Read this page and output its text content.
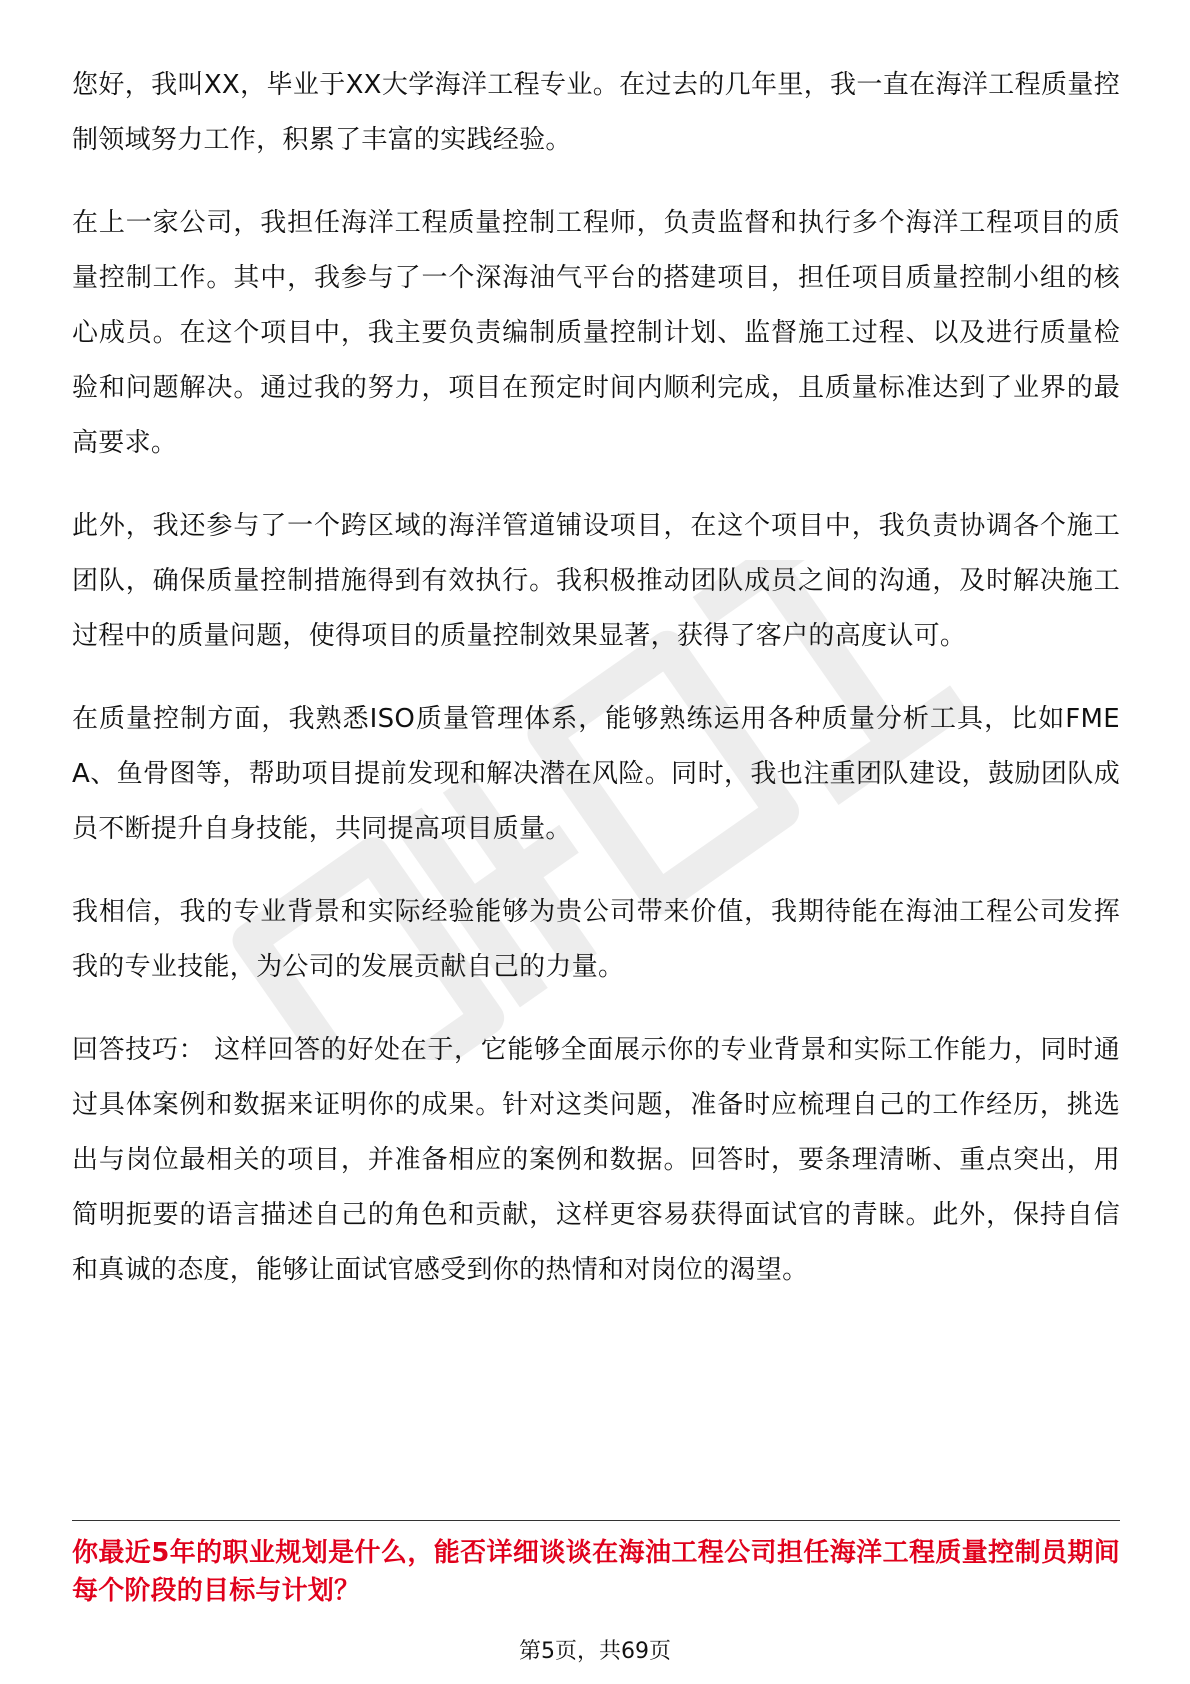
您好，我叫XX，毕业于XX大学海洋工程专业。在过去的几年里，我一直在海洋工程质量控制领域努力工作，积累了丰富的实践经验。

在上一家公司，我担任海洋工程质量控制工程师，负责监督和执行多个海洋工程项目的质量控制工作。其中，我参与了一个深海油气平台的搭建项目，担任项目质量控制小组的核心成员。在这个项目中，我主要负责编制质量控制计划、监督施工过程、以及进行质量检验和问题解决。通过我的努力，项目在预定时间内顺利完成，且质量标准达到了业界的最高要求。

此外，我还参与了一个跨区域的海洋管道铺设项目，在这个项目中，我负责协调各个施工团队，确保质量控制措施得到有效执行。我积极推动团队成员之间的沟通，及时解决施工过程中的质量问题，使得项目的质量控制效果显著，获得了客户的高度认可。

在质量控制方面，我熟悉ISO质量管理体系，能够熟练运用各种质量分析工具，比如FMEA、鱼骨图等，帮助项目提前发现和解决潜在风险。同时，我也注重团队建设，鼓励团队成员不断提升自身技能，共同提高项目质量。

我相信，我的专业背景和实际经验能够为贵公司带来价值，我期待能在海油工程公司发挥我的专业技能，为公司的发展贡献自己的力量。

回答技巧： 这样回答的好处在于，它能够全面展示你的专业背景和实际工作能力，同时通过具体案例和数据来证明你的成果。针对这类问题，准备时应梳理自己的工作经历，挑选出与岗位最相关的项目，并准备相应的案例和数据。回答时，要条理清晰、重点突出，用简明扼要的语言描述自己的角色和贡献，这样更容易获得面试官的青睐。此外，保持自信和真诚的态度，能够让面试官感受到你的热情和对岗位的渴望。

你最近5年的职业规划是什么，能否详细谈谈在海油工程公司担任海洋工程质量控制员期间每个阶段的目标与计划？
第5页，共69页
